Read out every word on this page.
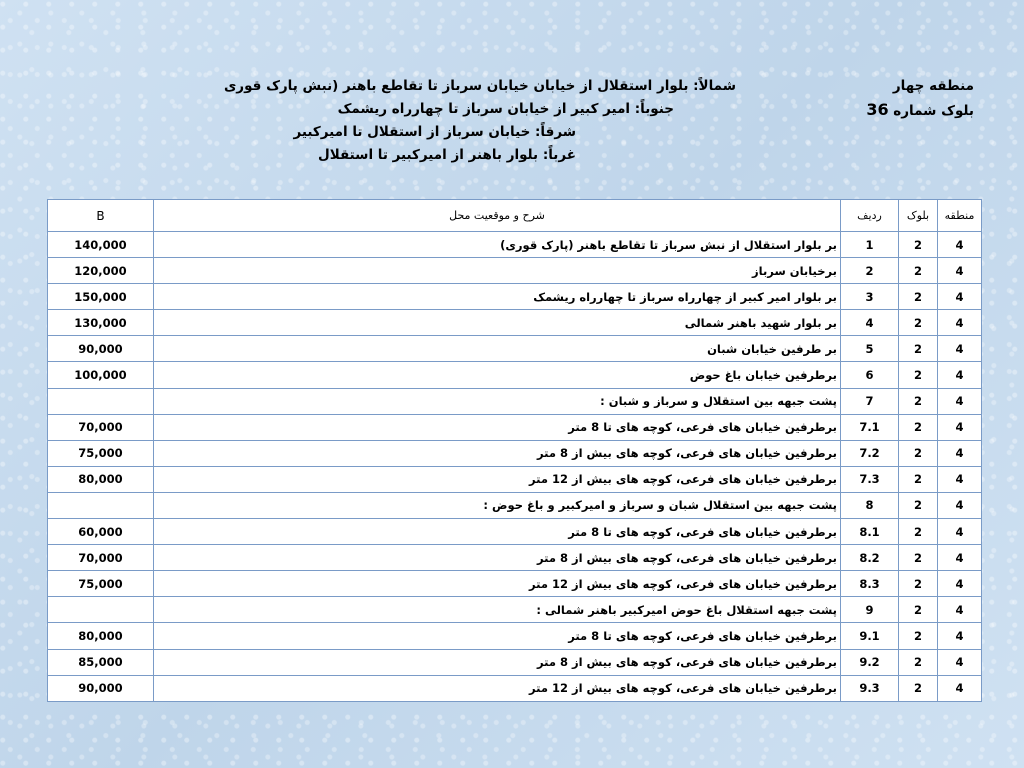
منطقه چهار
بلوک شماره 36
شمالاً: بلوار استقلال از خیابان خیابان سرباز تا تقاطع باهنر (نبش پارک قوری
جنوباً: امیر کبیر از خیابان سرباز تا چهارراه ریشمک
شرقاً: خیابان سرباز از استقلال تا امیرکبیر
غرباً: بلوار باهنر از امیرکبیر تا استقلال
B	شرح و موقعیت محل	ردیف	بلوک	منطقه
140,000	بر بلوار استقلال از نبش سرباز تا تقاطع باهنر (پارک قوری)	1	2	4
120,000	برخیابان سرباز	2	2	4
150,000	بر بلوار امیر کبیر از چهارراه سرباز تا چهارراه ریشمک	3	2	4
130,000	بر بلوار شهید باهنر شمالی	4	2	4
90,000	بر طرفین خیابان شبان	5	2	4
100,000	برطرفین خیابان باغ حوض	6	2	4
	پشت جبهه بین استقلال و سرباز و شبان :	7	2	4
70,000	برطرفین خیابان های فرعی، کوچه های تا 8 متر	7.1	2	4
75,000	برطرفین خیابان های فرعی، کوچه های بیش از 8 متر	7.2	2	4
80,000	برطرفین خیابان های فرعی، کوچه های بیش از 12 متر	7.3	2	4
	پشت جبهه بین استقلال شبان و سرباز و امیرکبیر و باغ حوض :	8	2	4
60,000	برطرفین خیابان های فرعی، کوچه های تا 8 متر	8.1	2	4
70,000	برطرفین خیابان های فرعی، کوچه های بیش از 8 متر	8.2	2	4
75,000	برطرفین خیابان های فرعی، کوچه های بیش از 12 متر	8.3	2	4
	پشت جبهه استقلال باغ حوض امیرکبیر باهنر شمالی :	9	2	4
80,000	برطرفین خیابان های فرعی، کوچه های تا 8 متر	9.1	2	4
85,000	برطرفین خیابان های فرعی، کوچه های بیش از 8 متر	9.2	2	4
90,000	برطرفین خیابان های فرعی، کوچه های بیش از 12 متر	9.3	2	4
